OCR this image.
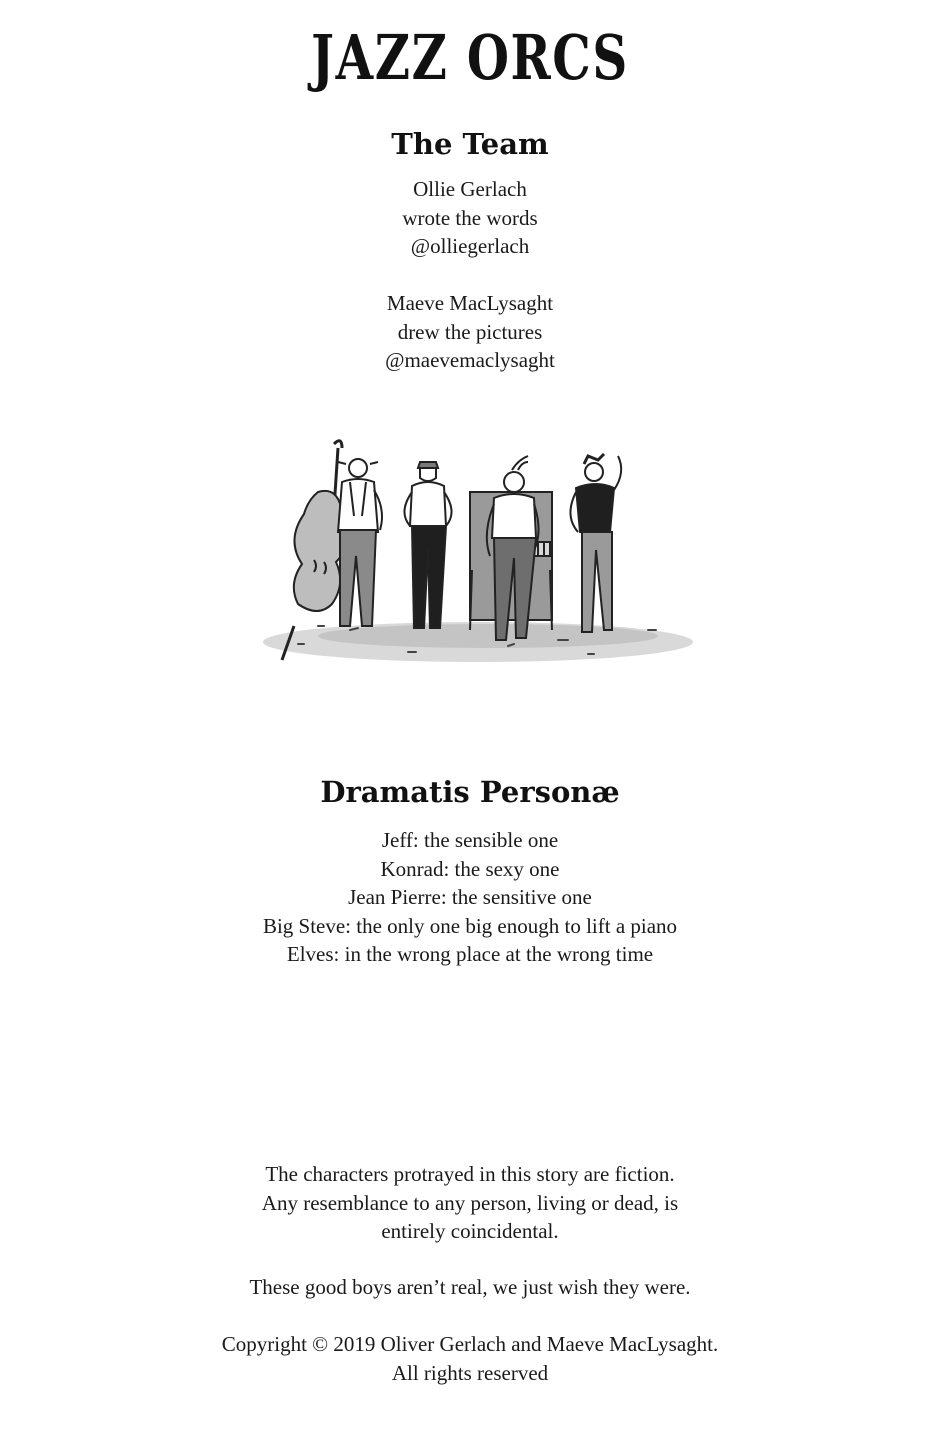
JAZZ ORCS
The Team
Ollie Gerlach
wrote the words
@olliegerlach
Maeve MacLysaght
drew the pictures
@maevemaclysaght
Dramatis Personæ
Jeff: the sensible one
Konrad: the sexy one
Jean Pierre: the sensitive one
Big Steve: the only one big enough to lift a piano
Elves: in the wrong place at the wrong time
The characters protrayed in this story are fiction.
Any resemblance to any person, living or dead, is
entirely coincidental.
These good boys aren’t real, we just wish they were.
Copyright © 2019 Oliver Gerlach and Maeve MacLysaght.
All rights reserved
